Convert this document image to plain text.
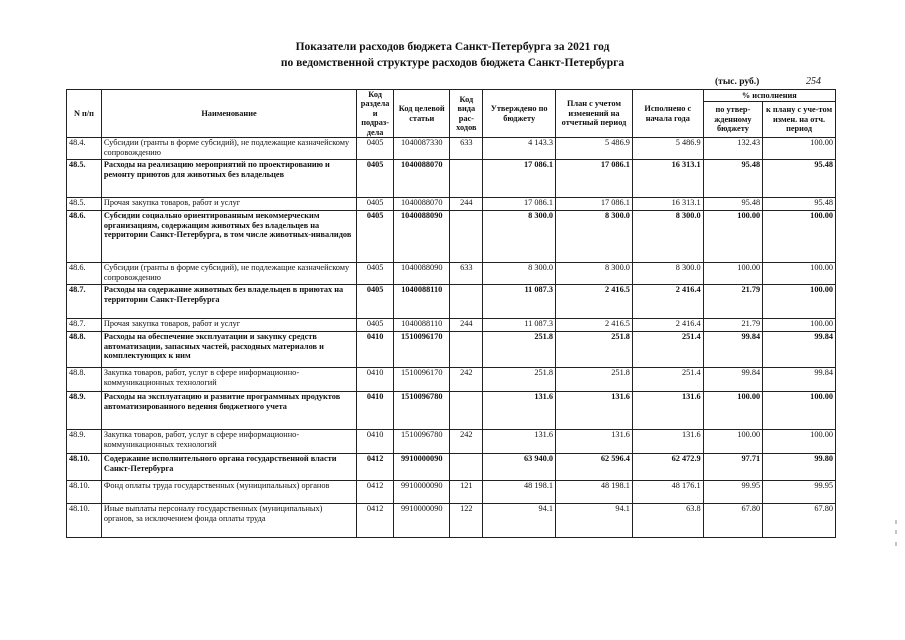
Показатели расходов бюджета Санкт-Петербурга за 2021 год
по ведомственной структуре расходов бюджета Санкт-Петербурга
(тыс. руб.)	254
N п/п	Наименование	Код раздела и подраз-дела	Код целевой статьи	Код вида рас-ходов	Утверждено по бюджету	План с учетом изменений на отчетный период	Исполнено с начала года	% исполнения	
								по утвер-жденному бюджету	к плану с уче-том измен. на отч. период
48.4.	Субсидии (гранты в форме субсидий), не подлежащие казначейскому сопровождению	0405	1040087330	633	4 143.3	5 486.9	5 486.9	132.43	100.00
48.5.	Расходы на реализацию мероприятий по проектированию и ремонту приютов для животных без владельцев	0405	1040088070		17 086.1	17 086.1	16 313.1	95.48	95.48
48.5.	Прочая закупка товаров, работ и услуг	0405	1040088070	244	17 086.1	17 086.1	16 313.1	95.48	95.48
48.6.	Субсидии социально ориентированным некоммерческим организациям, содержащим животных без владельцев на территории Санкт-Петербурга, в том числе животных-инвалидов	0405	1040088090		8 300.0	8 300.0	8 300.0	100.00	100.00
48.6.	Субсидии (гранты в форме субсидий), не подлежащие казначейскому сопровождению	0405	1040088090	633	8 300.0	8 300.0	8 300.0	100.00	100.00
48.7.	Расходы на содержание животных без владельцев в приютах на территории Санкт-Петербурга	0405	1040088110		11 087.3	2 416.5	2 416.4	21.79	100.00
48.7.	Прочая закупка товаров, работ и услуг	0405	1040088110	244	11 087.3	2 416.5	2 416.4	21.79	100.00
48.8.	Расходы на обеспечение эксплуатации и закупку средств автоматизации, запасных частей, расходных материалов и комплектующих к ним	0410	1510096170		251.8	251.8	251.4	99.84	99.84
48.8.	Закупка товаров, работ, услуг в сфере информационно-коммуникационных технологий	0410	1510096170	242	251.8	251.8	251.4	99.84	99.84
48.9.	Расходы на эксплуатацию и развитие программных продуктов автоматизированного ведения бюджетного учета	0410	1510096780		131.6	131.6	131.6	100.00	100.00
48.9.	Закупка товаров, работ, услуг в сфере информационно-коммуникационных технологий	0410	1510096780	242	131.6	131.6	131.6	100.00	100.00
48.10.	Содержание исполнительного органа государственной власти Санкт-Петербурга	0412	9910000090		63 940.0	62 596.4	62 472.9	97.71	99.80
48.10.	Фонд оплаты труда государственных (муниципальных) органов	0412	9910000090	121	48 198.1	48 198.1	48 176.1	99.95	99.95
48.10.	Иные выплаты персоналу государственных (муниципальных) органов, за исключением фонда оплаты труда	0412	9910000090	122	94.1	94.1	63.8	67.80	67.80
